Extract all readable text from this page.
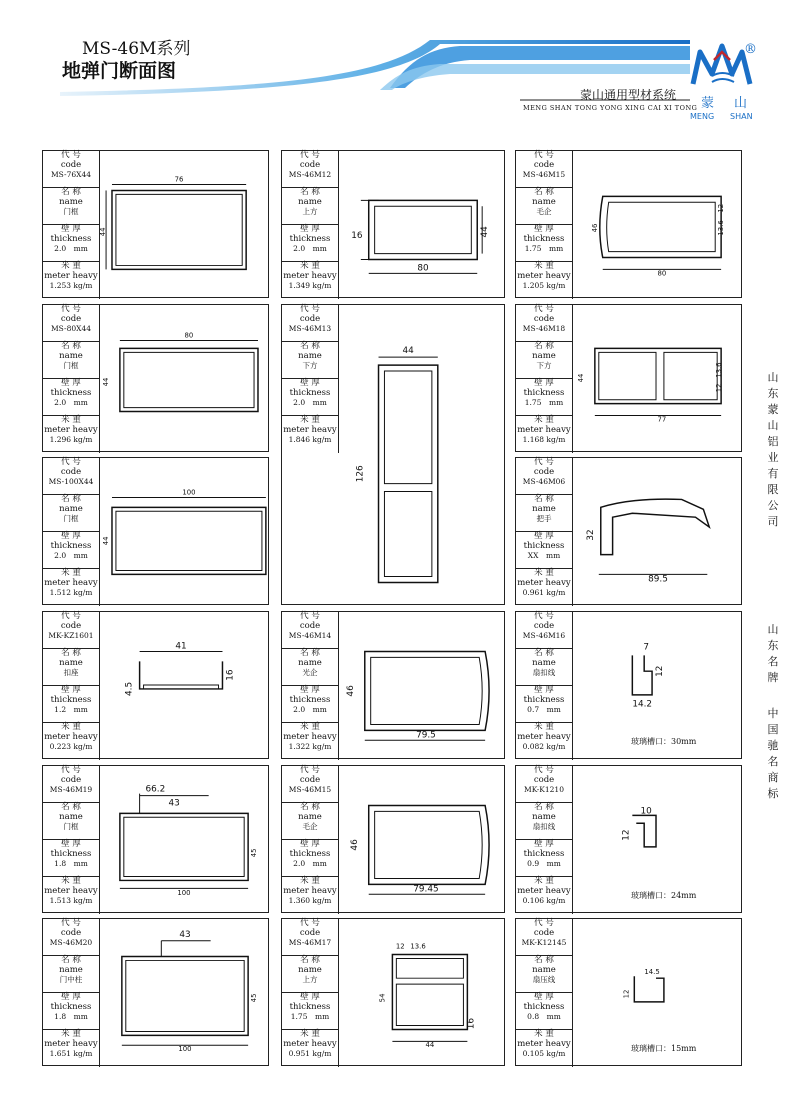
MS-46M系列
地弹门断面图
蒙山通用型材系统
MENG SHAN TONG YONG XING CAI XI TONG
®
蒙 山
MENG SHAN
山
东
蒙
山
铝
业
有
限
公
司
山
东
名
牌
中
国
驰
名
商
标
代 号
code
MS-76X44
名 称
name
门框
壁 厚
thickness
2.0　mm
米 重
meter heavy
1.253 kg/m
76
44
代 号
code
MS-46M12
名 称
name
上方
壁 厚
thickness
2.0　mm
米 重
meter heavy
1.349 kg/m
80
44
16
代 号
code
MS-46M15
名 称
name
毛企
壁 厚
thickness
1.75　mm
米 重
meter heavy
1.205 kg/m
80
46
12
13.6
代 号
code
MS-80X44
名 称
name
门框
壁 厚
thickness
2.0　mm
米 重
meter heavy
1.296 kg/m
80
44
代 号
code
MS-46M13
名 称
name
下方
壁 厚
thickness
2.0　mm
米 重
meter heavy
1.846 kg/m
44
126
代 号
code
MS-46M18
名 称
name
下方
壁 厚
thickness
1.75　mm
米 重
meter heavy
1.168 kg/m
77
44
13.6
12
代 号
code
MS-100X44
名 称
name
门框
壁 厚
thickness
2.0　mm
米 重
meter heavy
1.512 kg/m
100
44
代 号
code
MS-46M06
名 称
name
把手
壁 厚
thickness
XX　mm
米 重
meter heavy
0.961 kg/m
89.5
32
代 号
code
MK-KZ1601
名 称
name
扣座
壁 厚
thickness
1.2　mm
米 重
meter heavy
0.223 kg/m
41
16
4.5
代 号
code
MS-46M14
名 称
name
光企
壁 厚
thickness
2.0　mm
米 重
meter heavy
1.322 kg/m
79.5
46
代 号
code
MS-46M16
名 称
name
扇扣线
壁 厚
thickness
0.7　mm
米 重
meter heavy
0.082 kg/m
7
12
14.2
玻璃槽口：30mm
代 号
code
MS-46M19
名 称
name
门框
壁 厚
thickness
1.8　mm
米 重
meter heavy
1.513 kg/m
66.2
43
45
100
代 号
code
MS-46M15
名 称
name
毛企
壁 厚
thickness
2.0　mm
米 重
meter heavy
1.360 kg/m
79.45
46
代 号
code
MK-K1210
名 称
name
扇扣线
壁 厚
thickness
0.9　mm
米 重
meter heavy
0.106 kg/m
10
12
玻璃槽口：24mm
代 号
code
MS-46M20
名 称
name
门中柱
壁 厚
thickness
1.8　mm
米 重
meter heavy
1.651 kg/m
43
45
100
代 号
code
MS-46M17
名 称
name
上方
壁 厚
thickness
1.75　mm
米 重
meter heavy
0.951 kg/m
12 13.6
54
44
16
代 号
code
MK-K12145
名 称
name
扇压线
壁 厚
thickness
0.8　mm
米 重
meter heavy
0.105 kg/m
14.5
12
玻璃槽口：15mm
